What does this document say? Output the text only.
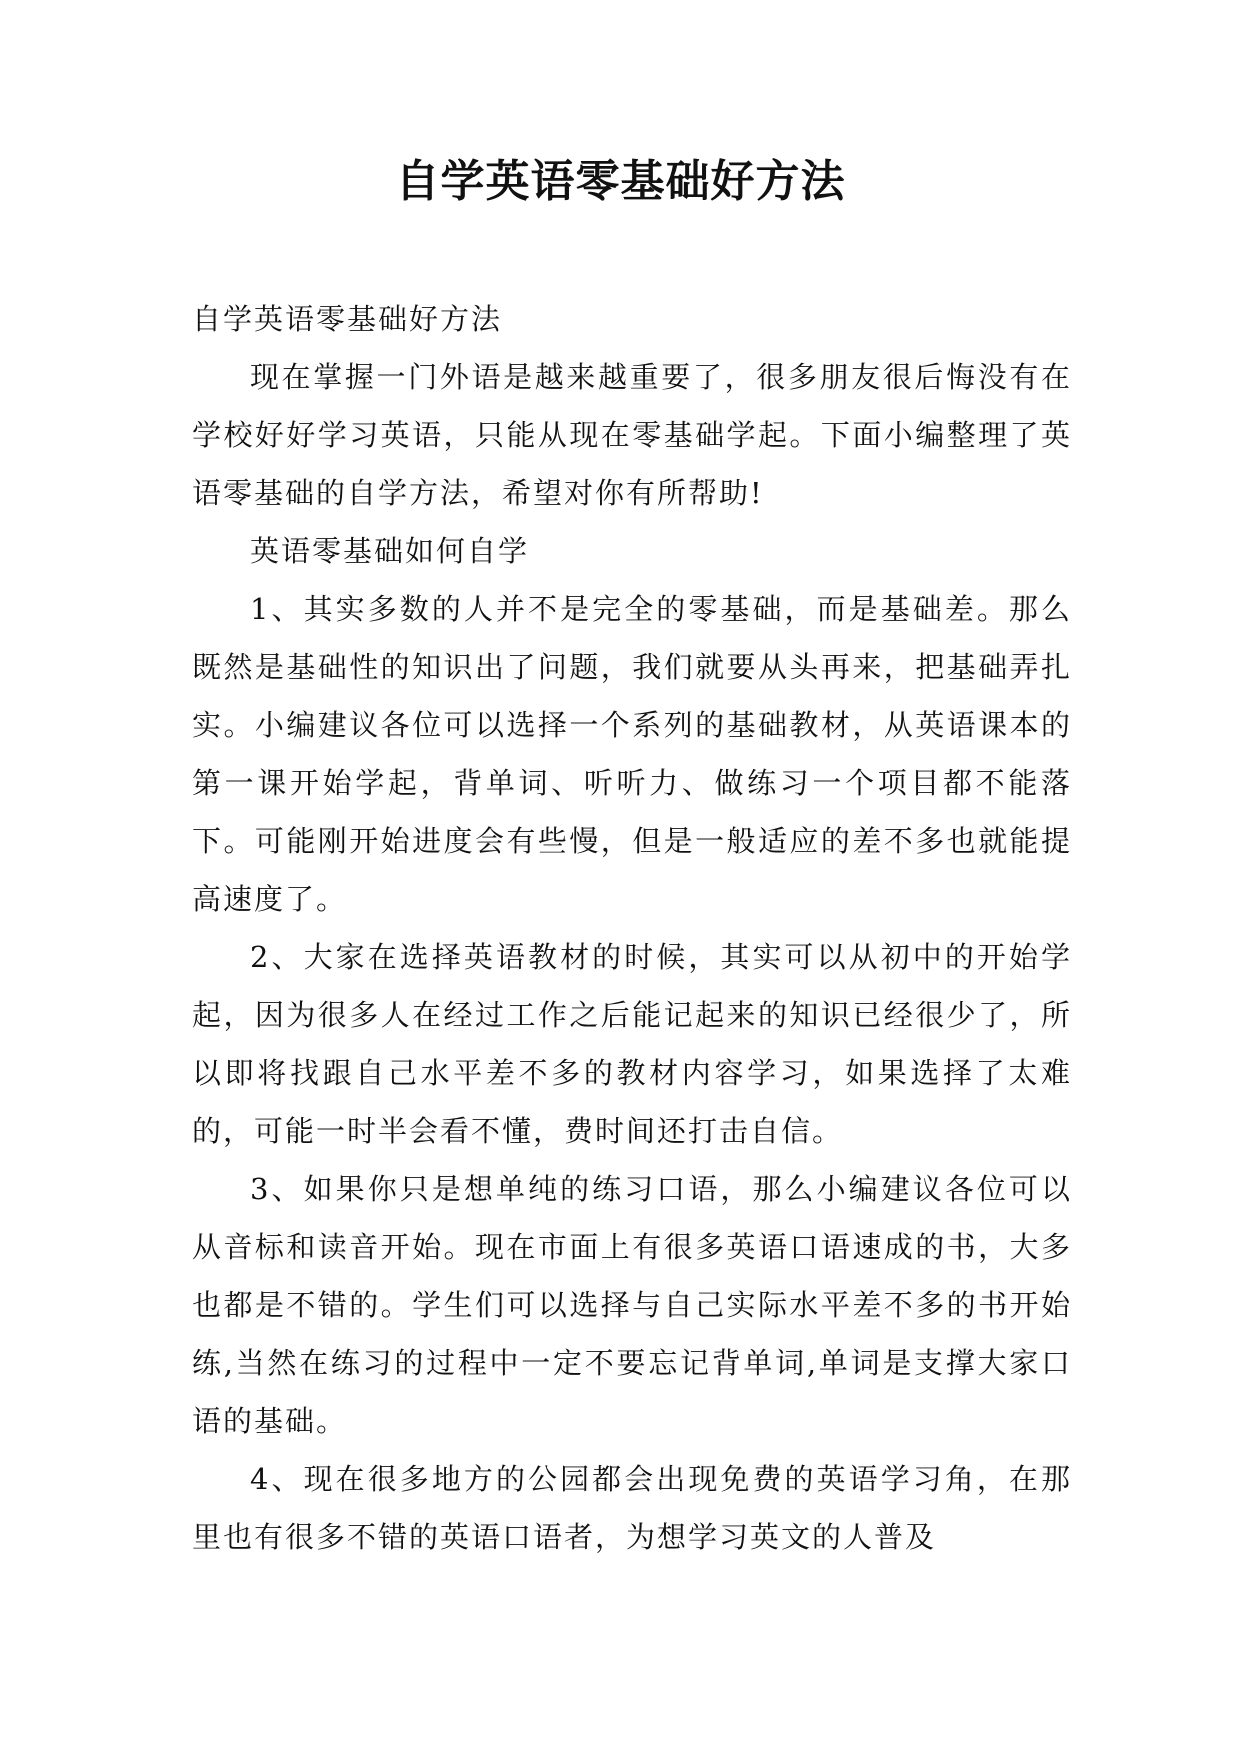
自学英语零基础好方法

自学英语零基础好方法

现在掌握一门外语是越来越重要了，很多朋友很后悔没有在学校好好学习英语，只能从现在零基础学起。下面小编整理了英语零基础的自学方法，希望对你有所帮助!

英语零基础如何自学

1、其实多数的人并不是完全的零基础，而是基础差。那么既然是基础性的知识出了问题，我们就要从头再来，把基础弄扎实。小编建议各位可以选择一个系列的基础教材，从英语课本的第一课开始学起，背单词、听听力、做练习一个项目都不能落下。可能刚开始进度会有些慢，但是一般适应的差不多也就能提高速度了。

2、大家在选择英语教材的时候，其实可以从初中的开始学起，因为很多人在经过工作之后能记起来的知识已经很少了，所以即将找跟自己水平差不多的教材内容学习，如果选择了太难的，可能一时半会看不懂，费时间还打击自信。

3、如果你只是想单纯的练习口语，那么小编建议各位可以从音标和读音开始。现在市面上有很多英语口语速成的书，大多也都是不错的。学生们可以选择与自己实际水平差不多的书开始练,当然在练习的过程中一定不要忘记背单词,单词是支撑大家口语的基础。

4、现在很多地方的公园都会出现免费的英语学习角，在那里也有很多不错的英语口语者，为想学习英文的人普及
